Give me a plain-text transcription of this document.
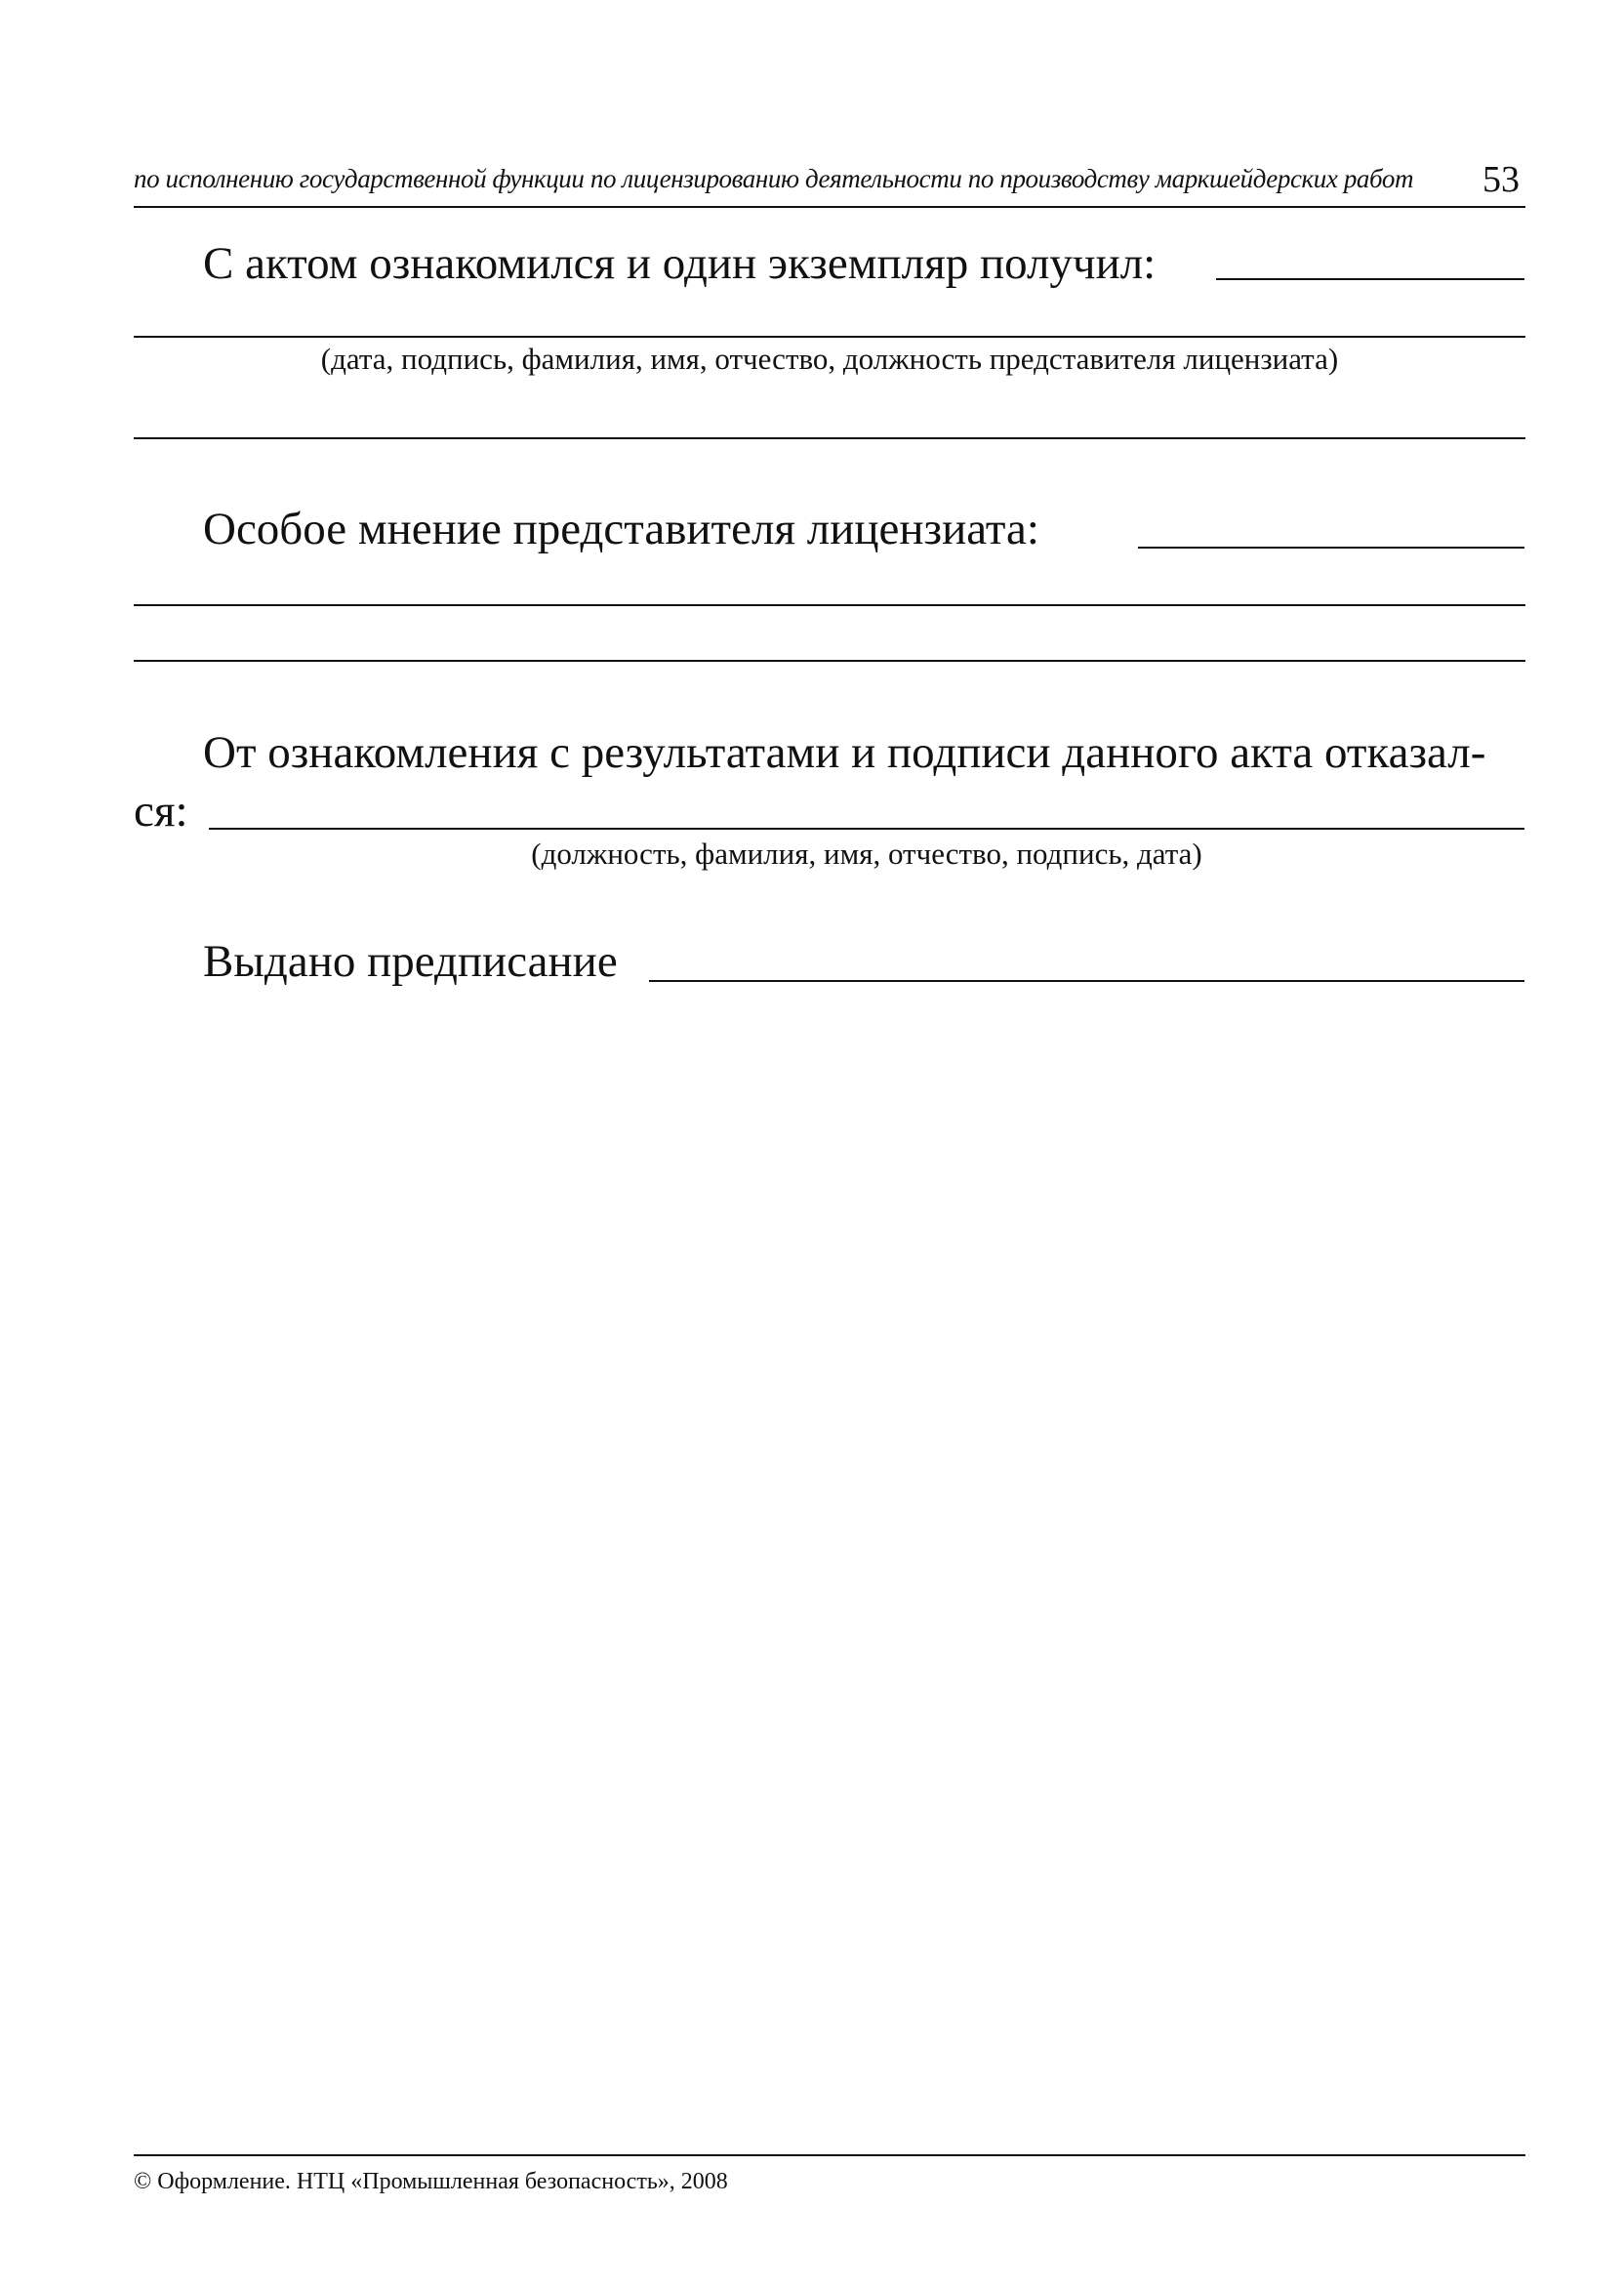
по исполнению государственной функции по лицензированию деятельности по производству маркшейдерских работ 53
С актом ознакомился и один экземпляр получил:
(дата, подпись, фамилия, имя, отчество, должность представителя лицензиата)
Особое мнение представителя лицензиата:
От ознакомления с результатами и подписи данного акта отказал-
ся:
(должность, фамилия, имя, отчество, подпись, дата)
Выдано предписание
© Оформление. НТЦ «Промышленная безопасность», 2008
